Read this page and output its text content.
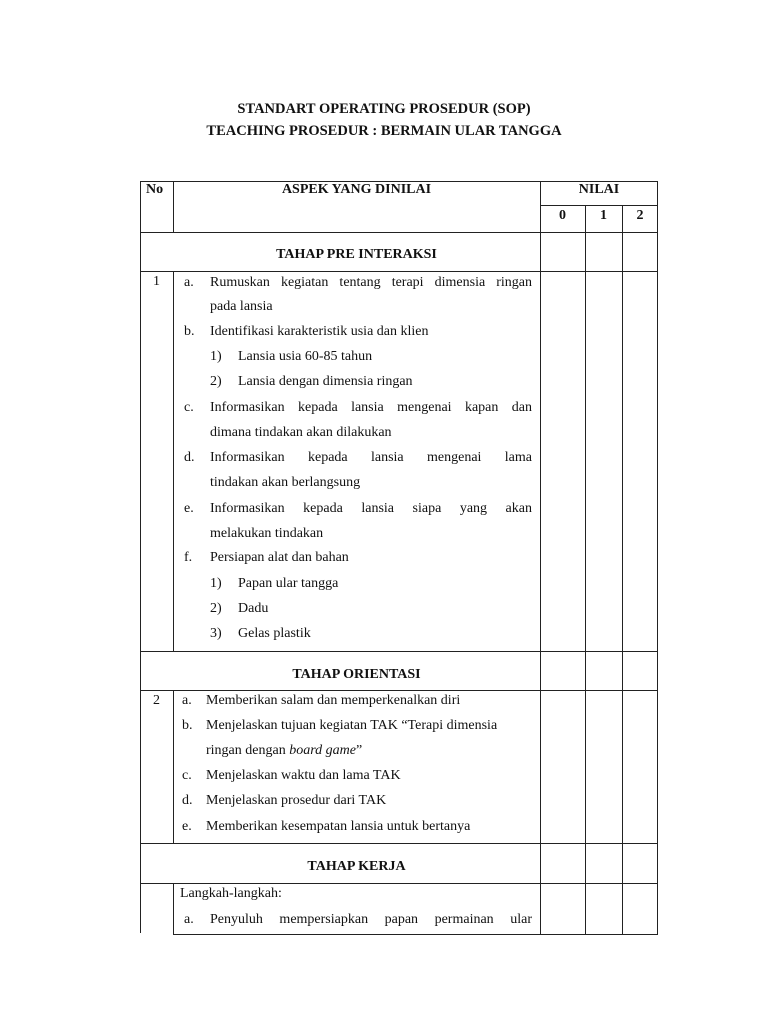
STANDART OPERATING PROSEDUR (SOP)
TEACHING PROSEDUR : BERMAIN ULAR TANGGA
No	ASPEK YANG DINILAI	NILAI
0	1	2
TAHAP PRE INTERAKSI
1	a. Rumuskan kegiatan tentang terapi dimensia ringan
pada lansia
b. Identifikasi karakteristik usia dan klien
1) Lansia usia 60-85 tahun
2) Lansia dengan dimensia ringan
c. Informasikan kepada lansia mengenai kapan dan
dimana tindakan akan dilakukan
d. Informasikan kepada lansia mengenai lama
tindakan akan berlangsung
e. Informasikan kepada lansia siapa yang akan
melakukan tindakan
f. Persiapan alat dan bahan
1) Papan ular tangga
2) Dadu
3) Gelas plastik
TAHAP ORIENTASI
2	a. Memberikan salam dan memperkenalkan diri
b. Menjelaskan tujuan kegiatan TAK “Terapi dimensia
ringan dengan board game”
c. Menjelaskan waktu dan lama TAK
d. Menjelaskan prosedur dari TAK
e. Memberikan kesempatan lansia untuk bertanya
TAHAP KERJA
Langkah-langkah:
a. Penyuluh mempersiapkan papan permainan ular
